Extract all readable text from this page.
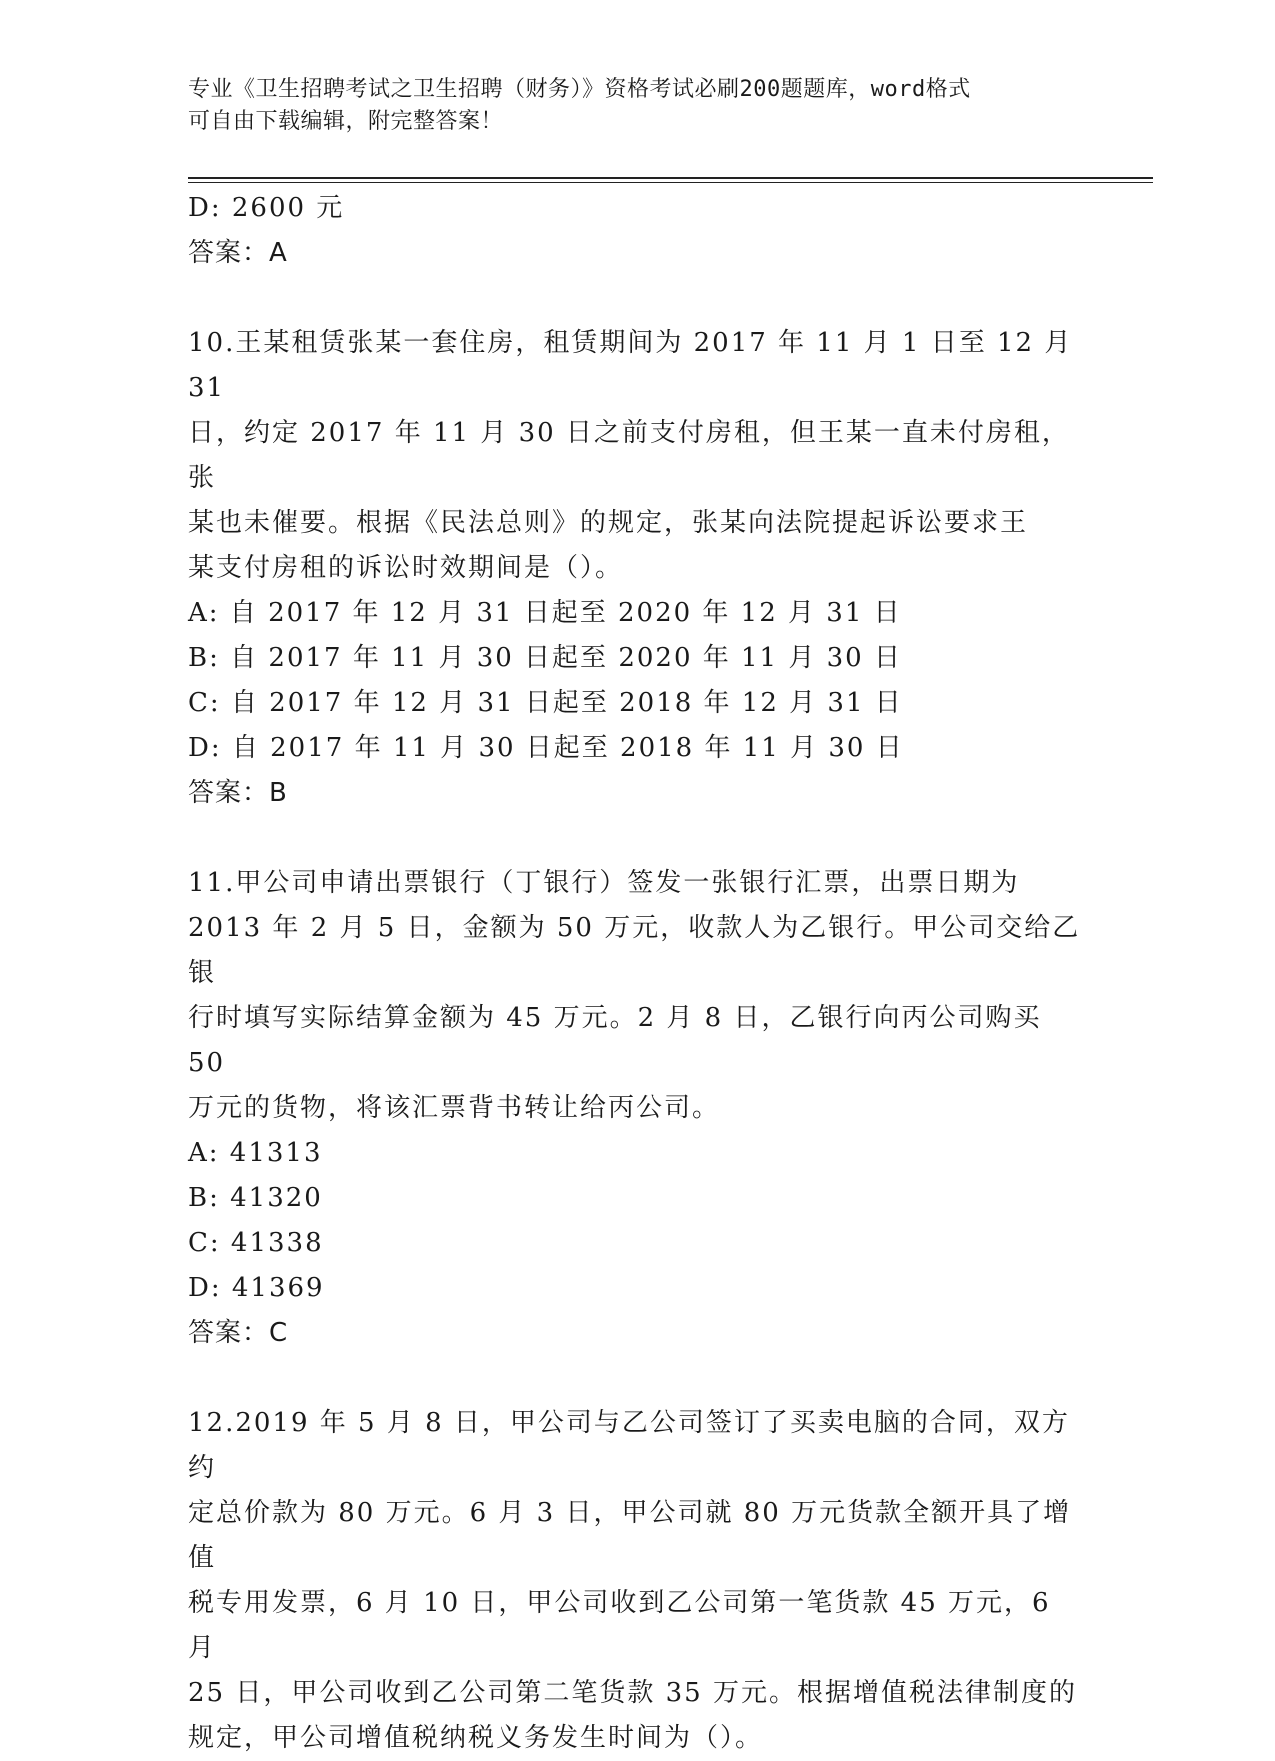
专业《卫生招聘考试之卫生招聘（财务）》资格考试必刷200题题库，word格式
可自由下载编辑，附完整答案！

D: 2600 元

答案：A

10.王某租赁张某一套住房，租赁期间为 2017 年 11 月 1 日至 12 月 31

日，约定 2017 年 11 月 30 日之前支付房租，但王某一直未付房租，张

某也未催要。根据《民法总则》的规定，张某向法院提起诉讼要求王

某支付房租的诉讼时效期间是（）。

A: 自 2017 年 12 月 31 日起至 2020 年 12 月 31 日

B: 自 2017 年 11 月 30 日起至 2020 年 11 月 30 日

C: 自 2017 年 12 月 31 日起至 2018 年 12 月 31 日

D: 自 2017 年 11 月 30 日起至 2018 年 11 月 30 日

答案：B

11.甲公司申请出票银行（丁银行）签发一张银行汇票，出票日期为

2013 年 2 月 5 日，金额为 50 万元，收款人为乙银行。甲公司交给乙银

行时填写实际结算金额为 45 万元。2 月 8 日，乙银行向丙公司购买 50

万元的货物，将该汇票背书转让给丙公司。

A: 41313

B: 41320

C: 41338

D: 41369

答案：C

12.2019 年 5 月 8 日，甲公司与乙公司签订了买卖电脑的合同，双方约

定总价款为 80 万元。6 月 3 日，甲公司就 80 万元货款全额开具了增值

税专用发票，6 月 10 日，甲公司收到乙公司第一笔货款 45 万元，6 月

25 日，甲公司收到乙公司第二笔货款 35 万元。根据增值税法律制度的

规定，甲公司增值税纳税义务发生时间为（）。
